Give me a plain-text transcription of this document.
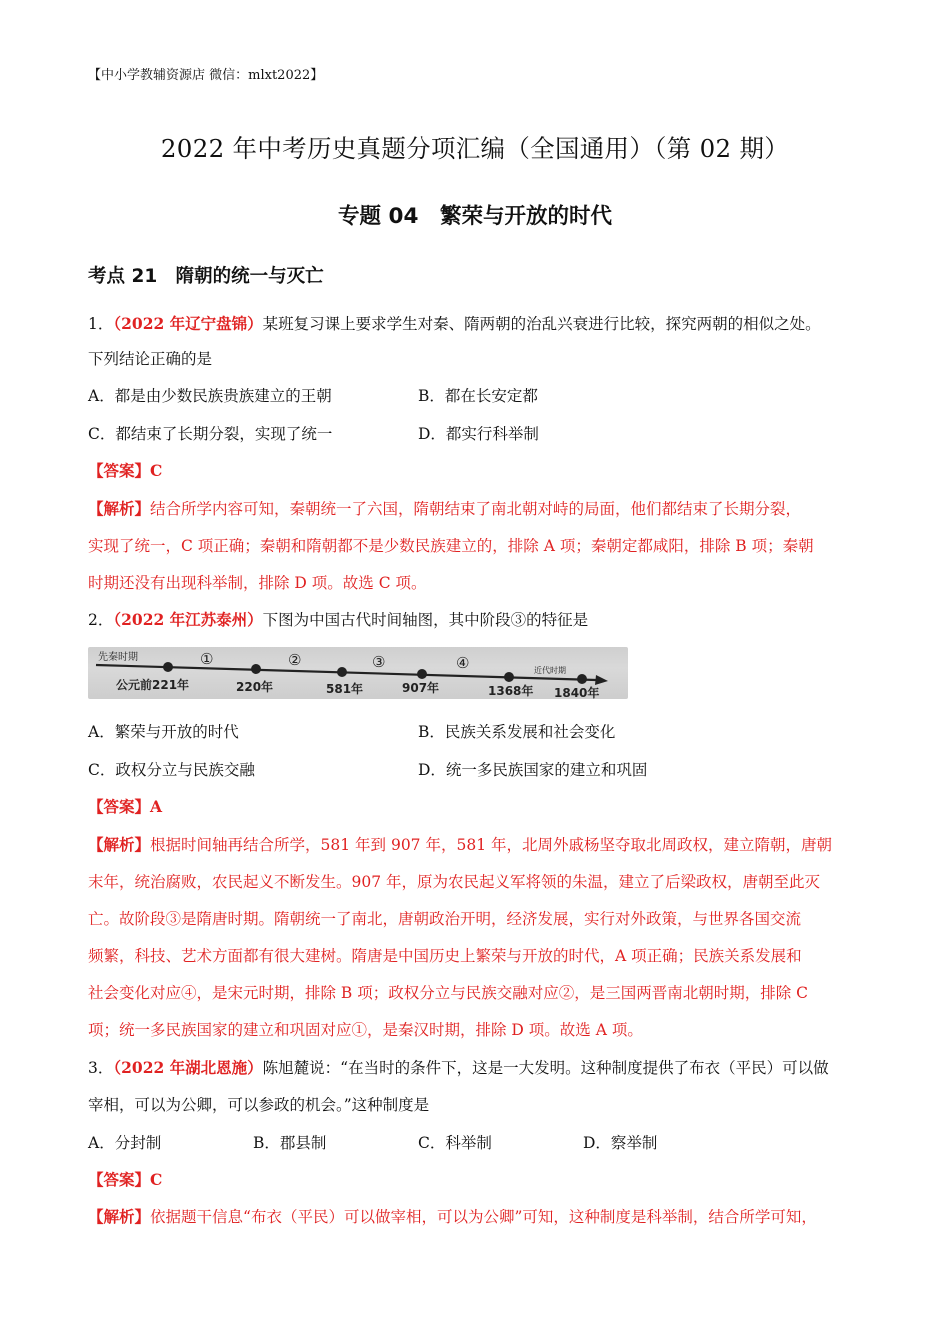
【中小学教辅资源店 微信：mlxt2022】
2022 年中考历史真题分项汇编（全国通用）（第 02 期）
专题 04　繁荣与开放的时代
考点 21　隋朝的统一与灭亡
1．（2022 年辽宁盘锦）某班复习课上要求学生对秦、隋两朝的治乱兴衰进行比较，探究两朝的相似之处。
下列结论正确的是
A．都是由少数民族贵族建立的王朝	B．都在长安定都
C．都结束了长期分裂，实现了统一	D．都实行科举制
【答案】C
【解析】结合所学内容可知，秦朝统一了六国，隋朝结束了南北朝对峙的局面，他们都结束了长期分裂，
实现了统一，C 项正确；秦朝和隋朝都不是少数民族建立的，排除 A 项；秦朝定都咸阳，排除 B 项；秦朝
时期还没有出现科举制，排除 D 项。故选 C 项。
2．（2022 年江苏泰州）下图为中国古代时间轴图，其中阶段③的特征是
先秦时期
近代时期
①	②	③	④
公元前221年	220年	581年	907年	1368年 1840年
A．繁荣与开放的时代	B．民族关系发展和社会变化
C．政权分立与民族交融	D．统一多民族国家的建立和巩固
【答案】A
【解析】根据时间轴再结合所学，581 年到 907 年，581 年，北周外戚杨坚夺取北周政权，建立隋朝，唐朝
末年，统治腐败，农民起义不断发生。907 年，原为农民起义军将领的朱温，建立了后梁政权，唐朝至此灭
亡。故阶段③是隋唐时期。隋朝统一了南北，唐朝政治开明，经济发展，实行对外政策，与世界各国交流
频繁，科技、艺术方面都有很大建树。隋唐是中国历史上繁荣与开放的时代，A 项正确；民族关系发展和
社会变化对应④，是宋元时期，排除 B 项；政权分立与民族交融对应②，是三国两晋南北朝时期，排除 C
项；统一多民族国家的建立和巩固对应①，是秦汉时期，排除 D 项。故选 A 项。
3．（2022 年湖北恩施）陈旭麓说：“在当时的条件下，这是一大发明。这种制度提供了布衣（平民）可以做
宰相，可以为公卿，可以参政的机会。”这种制度是
A．分封制	B．郡县制	C．科举制	D．察举制
【答案】C
【解析】依据题干信息“布衣（平民）可以做宰相，可以为公卿”可知，这种制度是科举制，结合所学可知，
